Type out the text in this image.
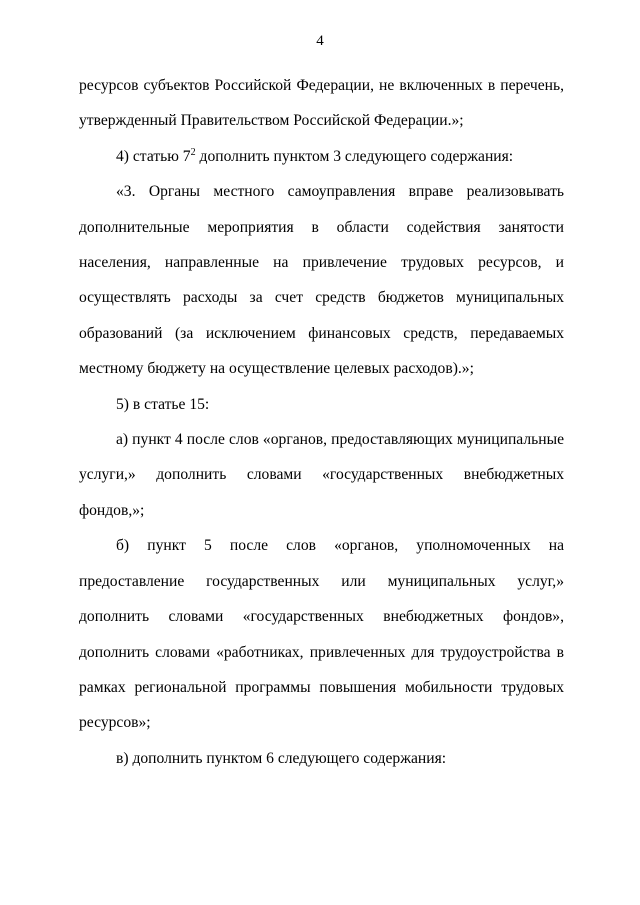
4

ресурсов субъектов Российской Федерации, не включенных в перечень, утвержденный Правительством Российской Федерации.»;

4) статью $7^2$ дополнить пунктом 3 следующего содержания:

«3. Органы местного самоуправления вправе реализовывать дополнительные мероприятия в области содействия занятости населения, направленные на привлечение трудовых ресурсов, и осуществлять расходы за счет средств бюджетов муниципальных образований (за исключением финансовых средств, передаваемых местному бюджету на осуществление целевых расходов).»;

5) в статье 15:

а) пункт 4 после слов «органов, предоставляющих муниципальные услуги,» дополнить словами «государственных внебюджетных фондов,»;

б) пункт 5 после слов «органов, уполномоченных на предоставление государственных или муниципальных услуг,» дополнить словами «государственных внебюджетных фондов», дополнить словами «работниках, привлеченных для трудоустройства в рамках региональной программы повышения мобильности трудовых ресурсов»;

в) дополнить пунктом 6 следующего содержания:
